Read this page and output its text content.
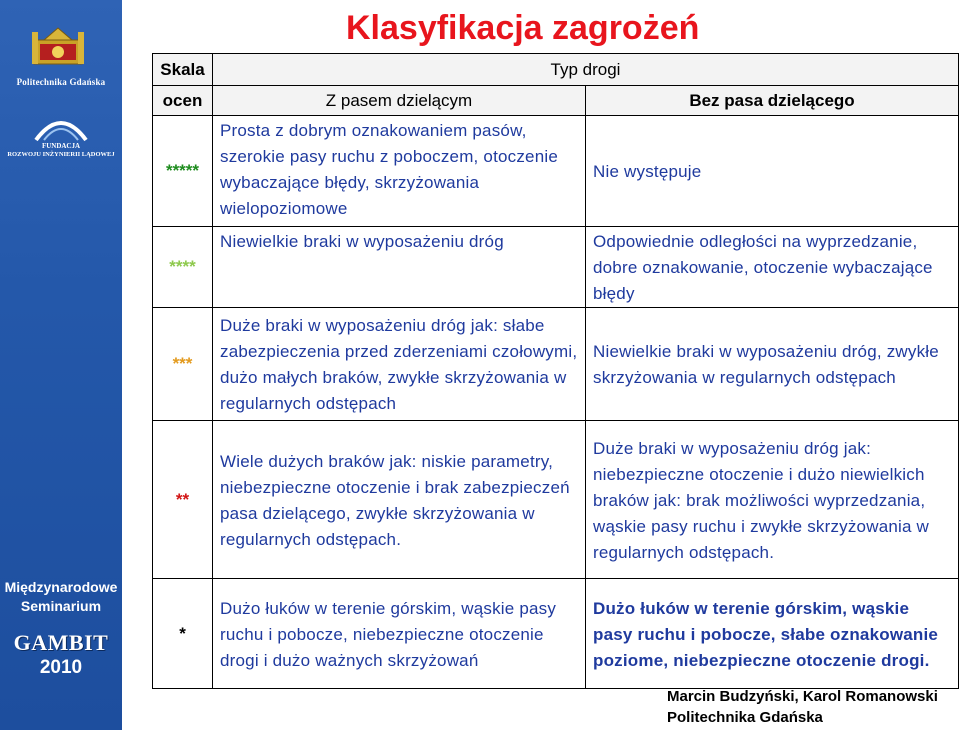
Politechnika Gdańska
FUNDACJA
ROZWOJU INŻYNIERII LĄDOWEJ
Międzynarodowe
Seminarium
GAMBIT
2010
Klasyfikacja zagrożeń
Skala	Typ drogi	
ocen	Z pasem dzielącym	Bez pasa dzielącego
*****	Prosta z dobrym oznakowaniem pasów, szerokie pasy ruchu z poboczem, otoczenie wybaczające błędy, skrzyżowania wielopoziomowe	Nie występuje
****	Niewielkie braki w wyposażeniu dróg	Odpowiednie odległości na wyprzedzanie, dobre oznakowanie, otoczenie wybaczające błędy
***	Duże braki w wyposażeniu dróg jak: słabe zabezpieczenia przed zderzeniami czołowymi, dużo małych braków, zwykłe skrzyżowania w regularnych odstępach	Niewielkie braki w wyposażeniu dróg, zwykłe skrzyżowania w regularnych odstępach
**	Wiele dużych braków jak: niskie parametry, niebezpieczne otoczenie i brak zabezpieczeń pasa dzielącego, zwykłe skrzyżowania w regularnych odstępach.	Duże braki w wyposażeniu dróg jak: niebezpieczne otoczenie i dużo niewielkich braków jak: brak możliwości wyprzedzania, wąskie pasy ruchu i zwykłe skrzyżowania w regularnych odstępach.
*	Dużo łuków w terenie górskim, wąskie pasy ruchu i pobocze, niebezpieczne otoczenie drogi i dużo ważnych skrzyżowań	Dużo łuków w terenie górskim, wąskie pasy ruchu i pobocze, słabe oznakowanie poziome, niebezpieczne otoczenie drogi.
Marcin Budzyński, Karol Romanowski
Politechnika Gdańska
